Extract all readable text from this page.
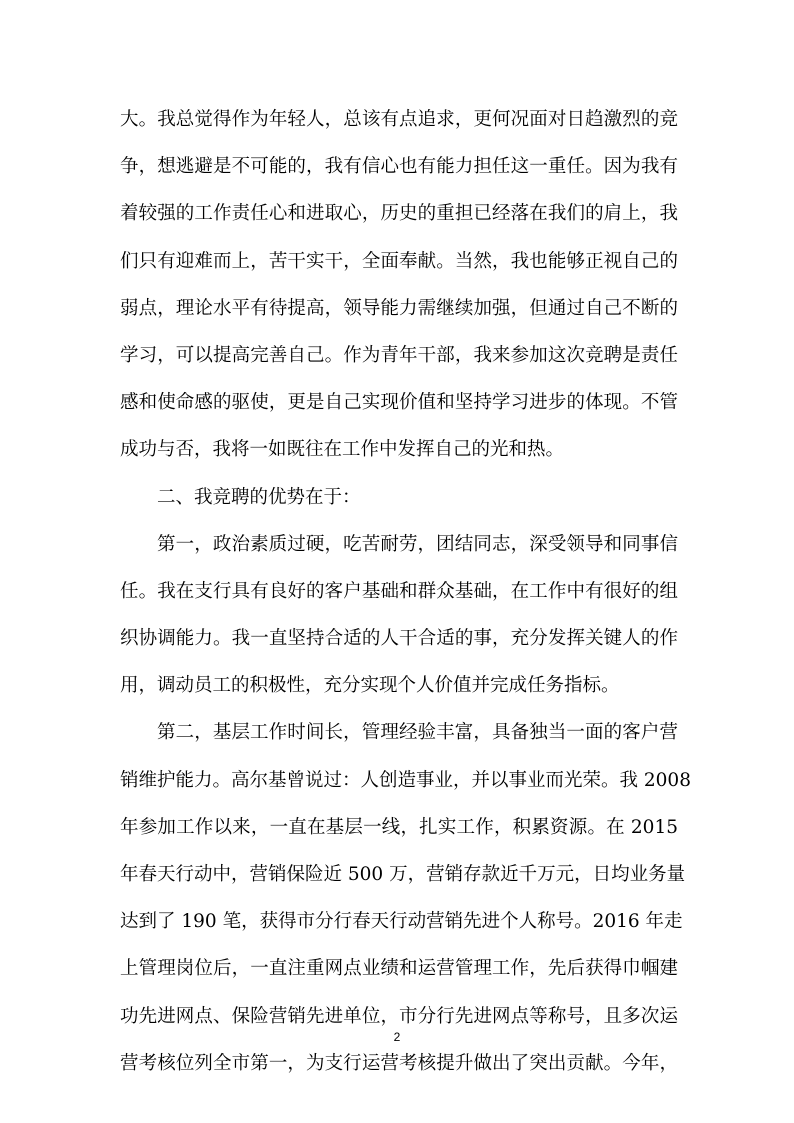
大。我总觉得作为年轻人，总该有点追求，更何况面对日趋激烈的竞
争，想逃避是不可能的，我有信心也有能力担任这一重任。因为我有
着较强的工作责任心和进取心，历史的重担已经落在我们的肩上，我
们只有迎难而上，苦干实干，全面奉献。当然，我也能够正视自己的
弱点，理论水平有待提高，领导能力需继续加强，但通过自己不断的
学习，可以提高完善自己。作为青年干部，我来参加这次竞聘是责任
感和使命感的驱使，更是自己实现价值和坚持学习进步的体现。不管
成功与否，我将一如既往在工作中发挥自己的光和热。
二、我竞聘的优势在于：
第一，政治素质过硬，吃苦耐劳，团结同志，深受领导和同事信
任。我在支行具有良好的客户基础和群众基础，在工作中有很好的组
织协调能力。我一直坚持合适的人干合适的事，充分发挥关键人的作
用，调动员工的积极性，充分实现个人价值并完成任务指标。
第二，基层工作时间长，管理经验丰富，具备独当一面的客户营
销维护能力。高尔基曾说过：人创造事业，并以事业而光荣。我 2008
年参加工作以来，一直在基层一线，扎实工作，积累资源。在 2015
年春天行动中，营销保险近 500 万，营销存款近千万元，日均业务量
达到了 190 笔，获得市分行春天行动营销先进个人称号。2016 年走
上管理岗位后，一直注重网点业绩和运营管理工作，先后获得巾帼建
功先进网点、保险营销先进单位，市分行先进网点等称号，且多次运
营考核位列全市第一，为支行运营考核提升做出了突出贡献。今年，
2
